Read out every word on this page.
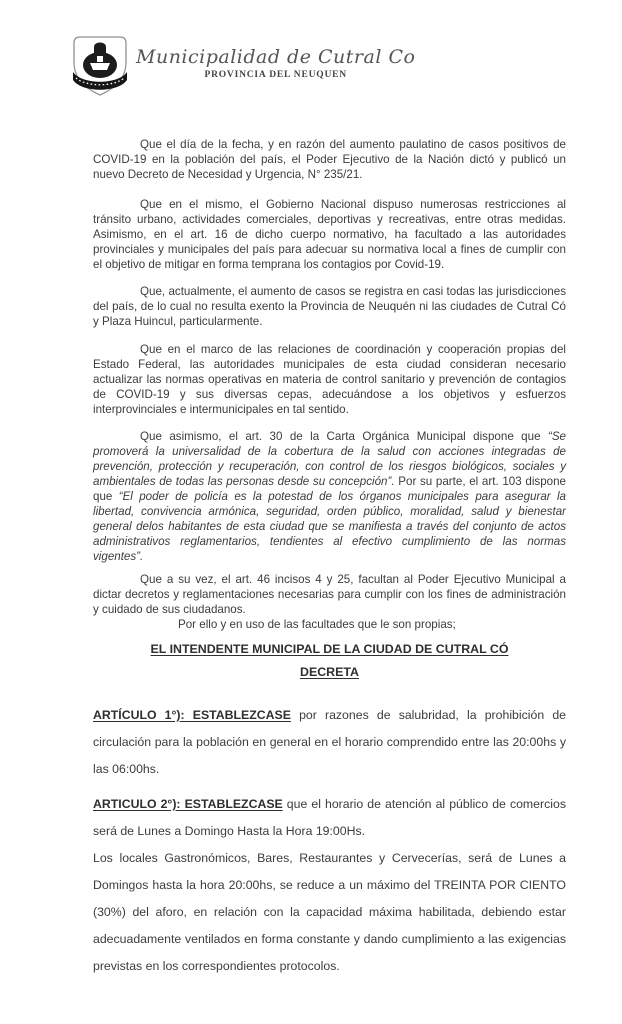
Municipalidad de Cutral Co
PROVINCIA DEL NEUQUEN

Que el día de la fecha, y en razón del aumento paulatino de casos positivos de COVID-19 en la población del país, el Poder Ejecutivo de la Nación dictó y publicó un nuevo Decreto de Necesidad y Urgencia, N° 235/21.

Que en el mismo, el Gobierno Nacional dispuso numerosas restricciones al tránsito urbano, actividades comerciales, deportivas y recreativas, entre otras medidas. Asimismo, en el art. 16 de dicho cuerpo normativo, ha facultado a las autoridades provinciales y municipales del país para adecuar su normativa local a fines de cumplir con el objetivo de mitigar en forma temprana los contagios por Covid-19.

Que, actualmente, el aumento de casos se registra en casi todas las jurisdicciones del país, de lo cual no resulta exento la Provincia de Neuquén ni las ciudades de Cutral Có y Plaza Huincul, particularmente.

Que en el marco de las relaciones de coordinación y cooperación propias del Estado Federal, las autoridades municipales de esta ciudad consideran necesario actualizar las normas operativas en materia de control sanitario y prevención de contagios de COVID-19 y sus diversas cepas, adecuándose a los objetivos y esfuerzos interprovinciales e intermunicipales en tal sentido.

Que asimismo, el art. 30 de la Carta Orgánica Municipal dispone que “Se promoverá la universalidad de la cobertura de la salud con acciones integradas de prevención, protección y recuperación, con control de los riesgos biológicos, sociales y ambientales de todas las personas desde su concepción”. Por su parte, el art. 103 dispone que “El poder de policía es la potestad de los órganos municipales para asegurar la libertad, convivencia armónica, seguridad, orden público, moralidad, salud y bienestar general delos habitantes de esta ciudad que se manifiesta a través del conjunto de actos administrativos reglamentarios, tendientes al efectivo cumplimiento de las normas vigentes”.

Que a su vez, el art. 46 incisos 4 y 25, facultan al Poder Ejecutivo Municipal a dictar decretos y reglamentaciones necesarias para cumplir con los fines de administración y cuidado de sus ciudadanos.

Por ello y en uso de las facultades que le son propias;

EL INTENDENTE MUNICIPAL DE LA CIUDAD DE CUTRAL CÓ

DECRETA

ARTÍCULO 1°): ESTABLEZCASE por razones de salubridad, la prohibición de circulación para la población en general en el horario comprendido entre las 20:00hs y las 06:00hs.

ARTICULO 2°): ESTABLEZCASE que el horario de atención al público de comercios será de Lunes a Domingo Hasta la Hora 19:00Hs.

Los locales Gastronómicos, Bares, Restaurantes y Cervecerías, será de Lunes a Domingos hasta la hora 20:00hs, se reduce a un máximo del TREINTA POR CIENTO (30%) del aforo, en relación con la capacidad máxima habilitada, debiendo estar adecuadamente ventilados en forma constante y dando cumplimiento a las exigencias previstas en los correspondientes protocolos.
